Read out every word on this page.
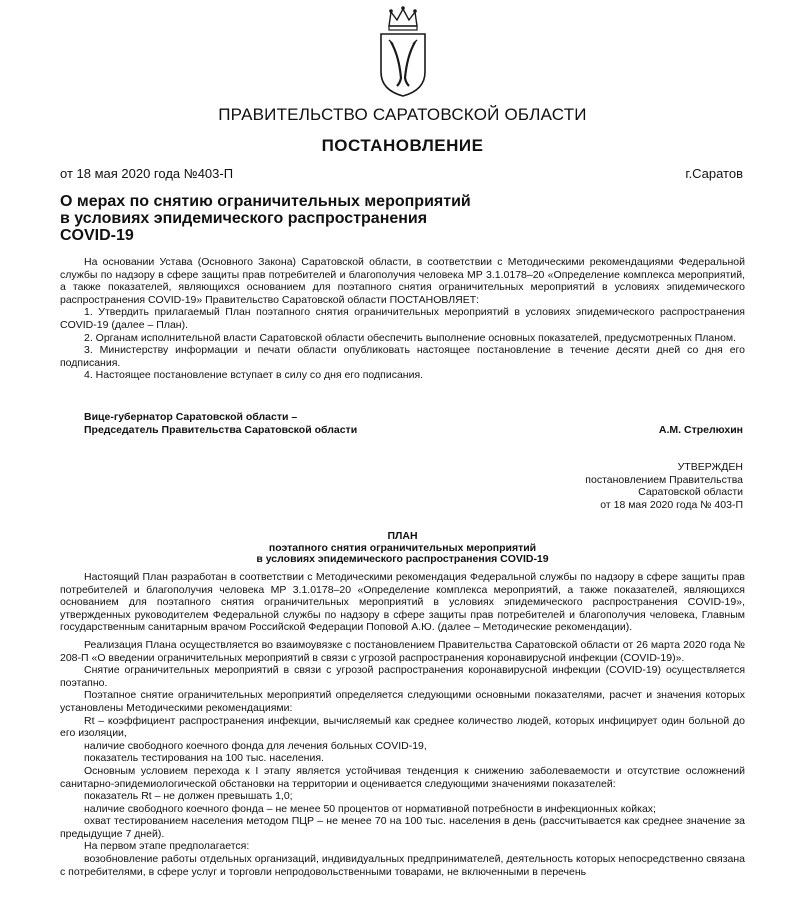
ПРАВИТЕЛЬСТВО САРАТОВСКОЙ ОБЛАСТИ
ПОСТАНОВЛЕНИЕ
от 18 мая 2020 года №403-П	г.Саратов
О мерах по снятию ограничительных мероприятий в условиях эпидемического распространения COVID-19

На основании Устава (Основного Закона) Саратовской области, в соответствии с Методическими рекомендациями Федеральной службы по надзору в сфере защиты прав потребителей и благополучия человека МР 3.1.0178–20 «Определение комплекса мероприятий, а также показателей, являющихся основанием для поэтапного снятия ограничительных мероприятий в условиях эпидемического распространения COVID-19» Правительство Саратовской области ПОСТАНОВЛЯЕТ:

1. Утвердить прилагаемый План поэтапного снятия ограничительных мероприятий в условиях эпидемического распространения COVID-19 (далее – План).

2. Органам исполнительной власти Саратовской области обеспечить выполнение основных показателей, предусмотренных Планом.

3. Министерству информации и печати области опубликовать настоящее постановление в течение десяти дней со дня его подписания.

4. Настоящее постановление вступает в силу со дня его подписания.

Вице-губернатор Саратовской области –
Председатель Правительства Саратовской области	А.М. Стрелюхин
УТВЕРЖДЕН
постановлением Правительства
Саратовской области
от 18 мая 2020 года № 403-П
ПЛАН
поэтапного снятия ограничительных мероприятий
в условиях эпидемического распространения COVID-19

Настоящий План разработан в соответствии с Методическими рекомендация Федеральной службы по надзору в сфере защиты прав потребителей и благополучия человека МР 3.1.0178–20 «Определение комплекса мероприятий, а также показателей, являющихся основанием для поэтапного снятия ограничительных мероприятий в условиях эпидемического распространения COVID-19», утвержденных руководителем Федеральной службы по надзору в сфере защиты прав потребителей и благополучия человека, Главным государственным санитарным врачом Российской Федерации Поповой А.Ю. (далее – Методические рекомендации).

Реализация Плана осуществляется во взаимоувязке с постановлением Правительства Саратовской области от 26 марта 2020 года № 208-П «О введении ограничительных мероприятий в связи с угрозой распространения коронавирусной инфекции (COVID-19)».

Снятие ограничительных мероприятий в связи с угрозой распространения коронавирусной инфекции (COVID-19) осуществляется поэтапно.

Поэтапное снятие ограничительных мероприятий определяется следующими основными показателями, расчет и значения которых установлены Методическими рекомендациями:

Rt – коэффициент распространения инфекции, вычисляемый как среднее количество людей, которых инфицирует один больной до его изоляции,

наличие свободного коечного фонда для лечения больных COVID-19,

показатель тестирования на 100 тыс. населения.

Основным условием перехода к I этапу является устойчивая тенденция к снижению заболеваемости и отсутствие осложнений санитарно-эпидемиологической обстановки на территории и оценивается следующими значениями показателей:

показатель Rt – не должен превышать 1,0;

наличие свободного коечного фонда – не менее 50 процентов от нормативной потребности в инфекционных койках;

охват тестированием населения методом ПЦР – не менее 70 на 100 тыс. населения в день (рассчитывается как среднее значение за предыдущие 7 дней).

На первом этапе предполагается:

возобновление работы отдельных организаций, индивидуальных предпринимателей, деятельность которых непосредственно связана с потребителями, в сфере услуг и торговли непродовольственными товарами, не включенными в перечень
